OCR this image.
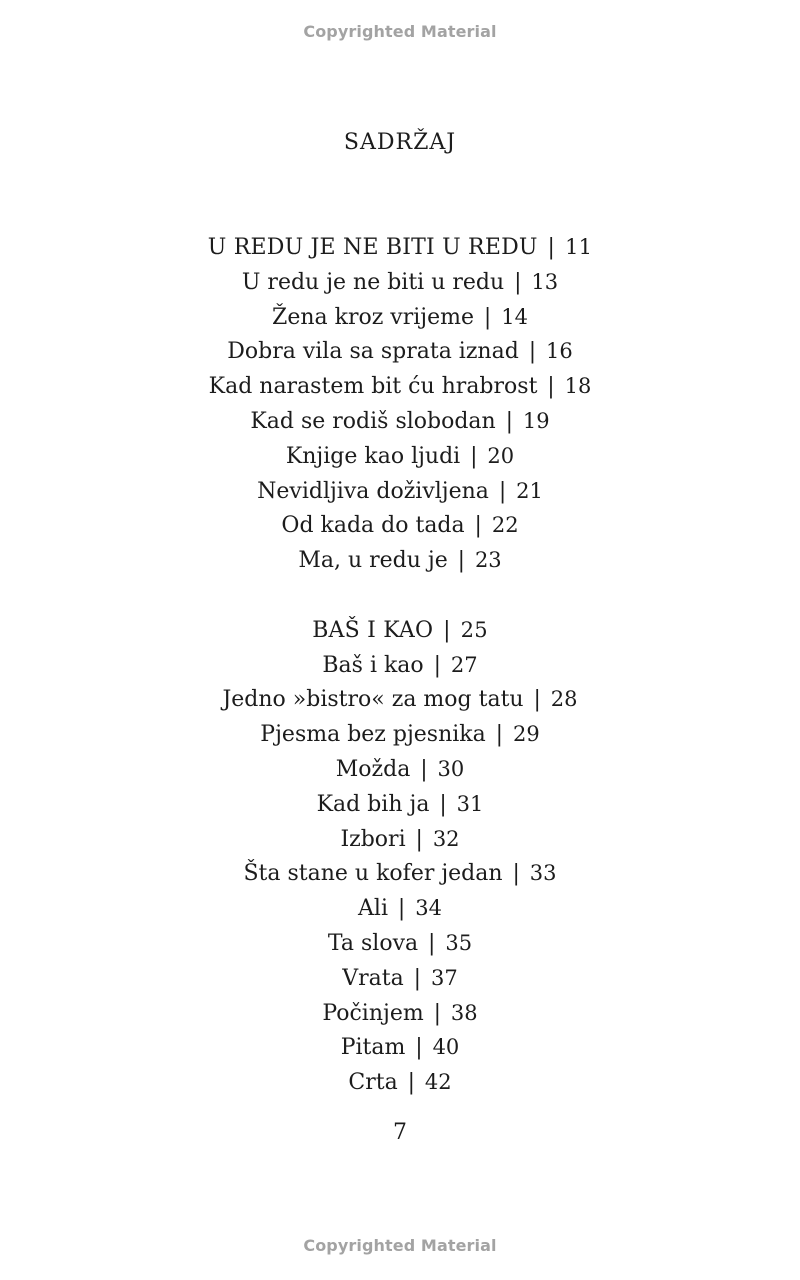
Copyrighted Material
SADRŽAJ
U REDU JE NE BITI U REDU | 11
U redu je ne biti u redu | 13
Žena kroz vrijeme | 14
Dobra vila sa sprata iznad | 16
Kad narastem bit ću hrabrost | 18
Kad se rodiš slobodan | 19
Knjige kao ljudi | 20
Nevidljiva doživljena | 21
Od kada do tada | 22
Ma, u redu je | 23
BAŠ I KAO | 25
Baš i kao | 27
Jedno »bistro« za mog tatu | 28
Pjesma bez pjesnika | 29
Možda | 30
Kad bih ja | 31
Izbori | 32
Šta stane u kofer jedan | 33
Ali | 34
Ta slova | 35
Vrata | 37
Počinjem | 38
Pitam | 40
Crta | 42
7
Copyrighted Material
